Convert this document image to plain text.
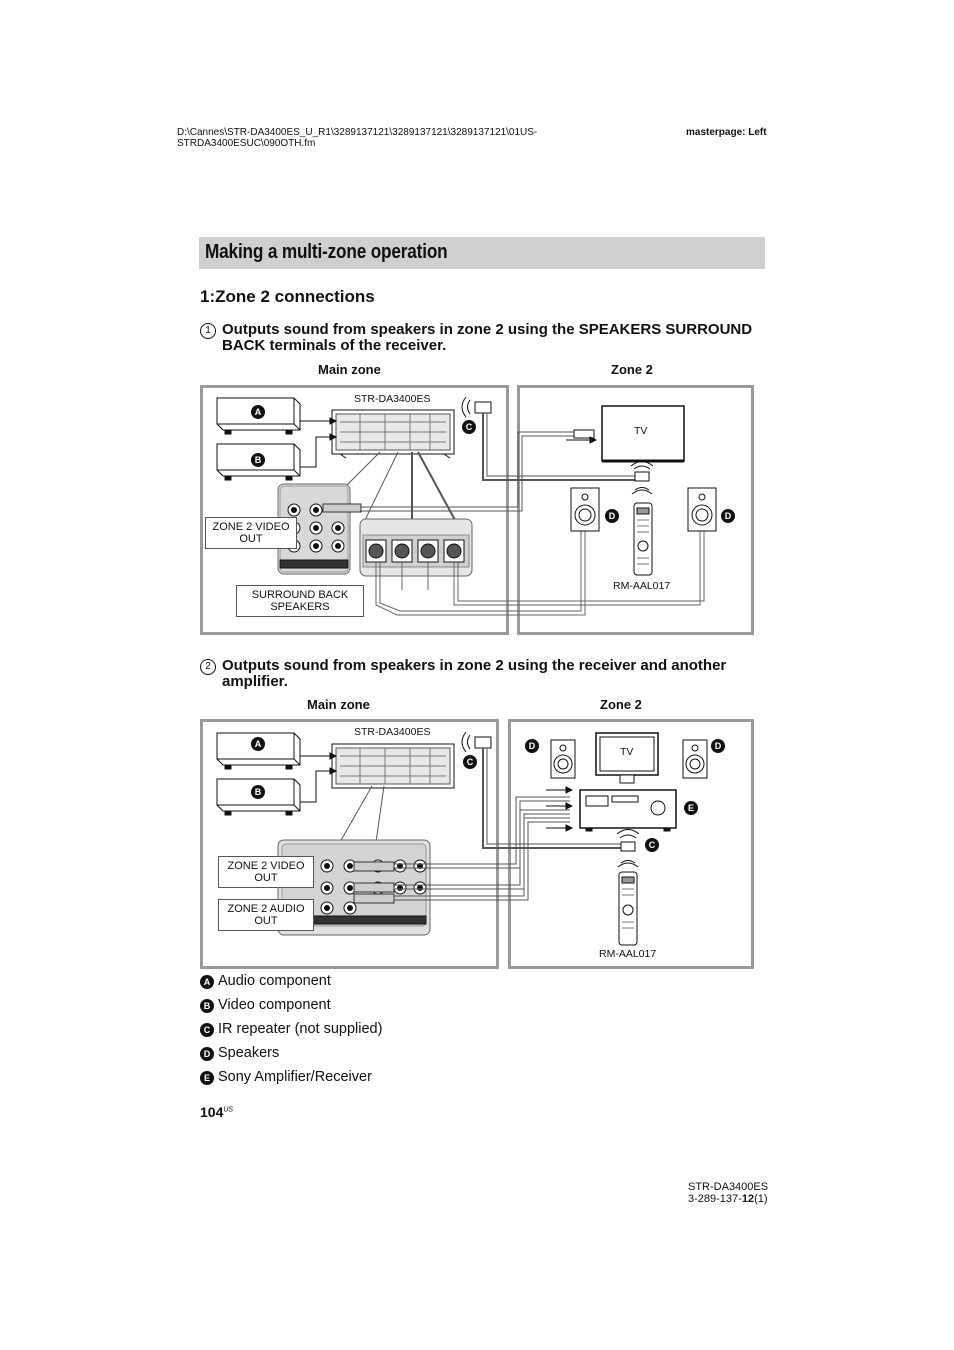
D:\Cannes\STR-DA3400ES_U_R1\3289137121\3289137121\3289137121\01US-
STRDA3400ESUC\090OTH.fm
masterpage: Left
Making a multi-zone operation
1:Zone 2 connections
1 Outputs sound from speakers in zone 2 using the SPEAKERS SURROUND BACK terminals of the receiver.
Main zone	Zone 2
2 Outputs sound from speakers in zone 2 using the receiver and another amplifier.
Main zone	Zone 2
STR-DA3400ES
TV
RM-AAL017
ZONE 2 VIDEO OUT
SURROUND BACK SPEAKERS
A
B
C
D	D
STR-DA3400ES
TV
RM-AAL017
ZONE 2 VIDEO OUT
ZONE 2 AUDIO OUT
A
B
C
D	D
E
C
A Audio component
B Video component
C IR repeater (not supplied)
D Speakers
E Sony Amplifier/Receiver
$104^{US}$
STR-DA3400ES
3-289-137-12(1)
